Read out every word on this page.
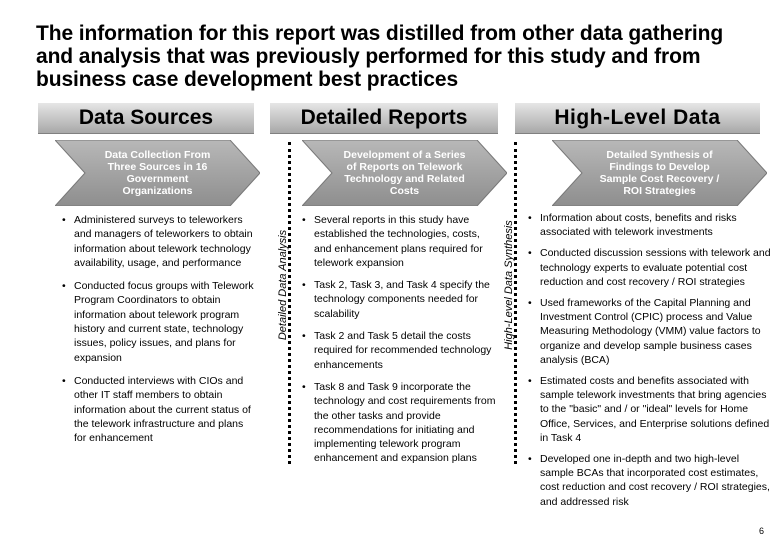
The information for this report was distilled from other data gathering and analysis that was previously performed for this study and from business case development best practices
Data Sources	Detailed Reports	High-Level Data
Data Collection From Three Sources in 16 Government Organizations
Development of a Series of Reports on Telework Technology and Related Costs
Detailed Synthesis of Findings to Develop Sample Cost Recovery / ROI Strategies
Detailed Data Analysis	High-Level Data Synthesis
• Administered surveys to teleworkers and managers of teleworkers to obtain information about telework technology availability, usage, and performance
• Conducted focus groups with Telework Program Coordinators to obtain information about telework program history and current state, technology issues, policy issues, and plans for expansion
• Conducted interviews with CIOs and other IT staff members to obtain information about the current status of the telework infrastructure and plans for enhancement
• Several reports in this study have established the technologies, costs, and enhancement plans required for telework expansion
• Task 2, Task 3, and Task 4 specify the technology components needed for scalability
• Task 2 and Task 5 detail the costs required for recommended technology enhancements
• Task 8 and Task 9 incorporate the technology and cost requirements from the other tasks and provide recommendations for initiating and implementing telework program enhancement and expansion plans
• Information about costs, benefits and risks associated with telework investments
• Conducted discussion sessions with telework and technology experts to evaluate potential cost reduction and cost recovery / ROI strategies
• Used frameworks of the Capital Planning and Investment Control (CPIC) process and Value Measuring Methodology (VMM) value factors to organize and develop sample business cases analysis (BCA)
• Estimated costs and benefits associated with sample telework investments that bring agencies to the "basic" and / or "ideal" levels for Home Office, Services, and Enterprise solutions defined in Task 4
• Developed one in-depth and two high-level sample BCAs that incorporated cost estimates, cost reduction and cost recovery / ROI strategies, and addressed risk
6
